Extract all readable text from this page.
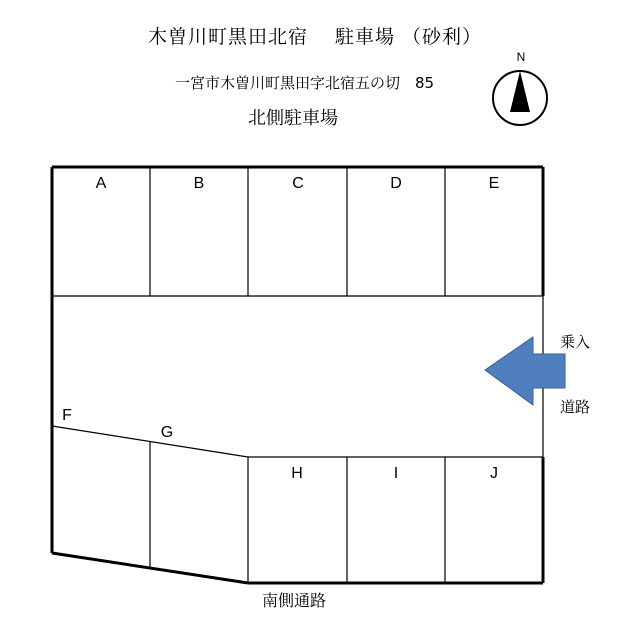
木曽川町黒田北宿　 駐車場 （砂利）
一宮市木曽川町黒田字北宿五の切　85
北側駐車場
N
A	B	C	D	E
F
G
H	I	J
乗入
道路
南側通路
